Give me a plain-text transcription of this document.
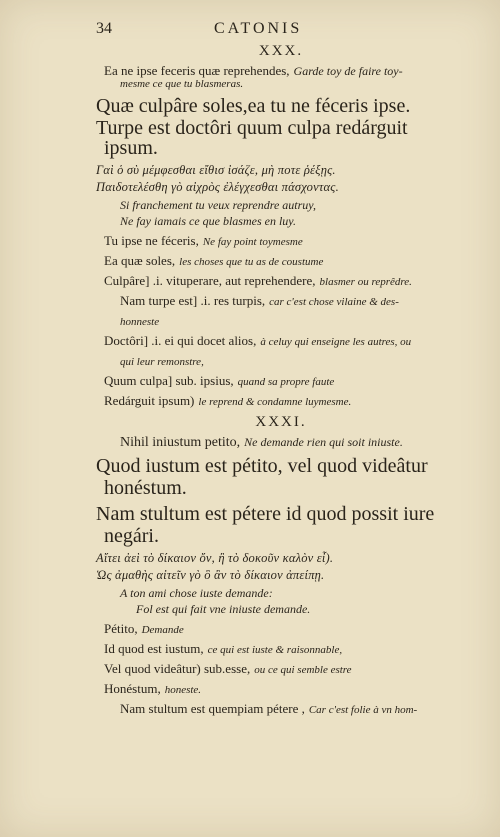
34	CATONIS
XXX.
Ea ne ipse feceris quæ reprehendes, Garde toy de faire toy-
mesme ce que tu blasmeras.
Quæ culpâre soles,ea tu ne féceris ipse.
Turpe est doctôri quum culpa redárguit
ipsum.
Γαὶ ὁ σὺ μέμφεσθαι εἴθισ ἰσάζε, μὴ ποτε ῥέξῃς.
Παιδοτελέσθη γὸ αἰχρὸς ἐλέγχεσθαι πάσχοντας.
Si franchement tu veux reprendre autruy,
Ne fay iamais ce que blasmes en luy.
Tu ipse ne féceris, Ne fay point toymesme
Ea quæ soles, les choses que tu as de coustume
Culpâre] .i. vituperare, aut reprehendere, blasmer ou reprêdre.
Nam turpe est] .i. res turpis, car c'est chose vilaine & des-
honneste
Doctôri] .i. ei qui docet alios, à celuy qui enseigne les autres, ou
qui leur remonstre,
Quum culpa] sub. ipsius, quand sa propre faute
Redárguit ipsum) le reprend & condamne luymesme.
XXXI.
Nihil iniustum petito, Ne demande rien qui soit iniuste.
Quod iustum est pétito, vel quod videâtur
honéstum.
Nam stultum est pétere id quod possit iure
negári.
Αἴτει ἀεὶ τὸ δίκαιον ὄν, ἢ τὸ δοκοῦν καλὸν εἶ).
Ὡς ἀμαθὴς αἰτεῖν γὸ ὃ ἂν τὸ δίκαιον ἀπείπῃ.
A ton ami chose iuste demande:
Fol est qui fait vne iniuste demande.
Pétito, Demande
Id quod est iustum, ce qui est iuste & raisonnable,
Vel quod videâtur) sub.esse, ou ce qui semble estre
Honéstum, honeste.
Nam stultum est quempiam pétere , Car c'est folie à vn hom-
